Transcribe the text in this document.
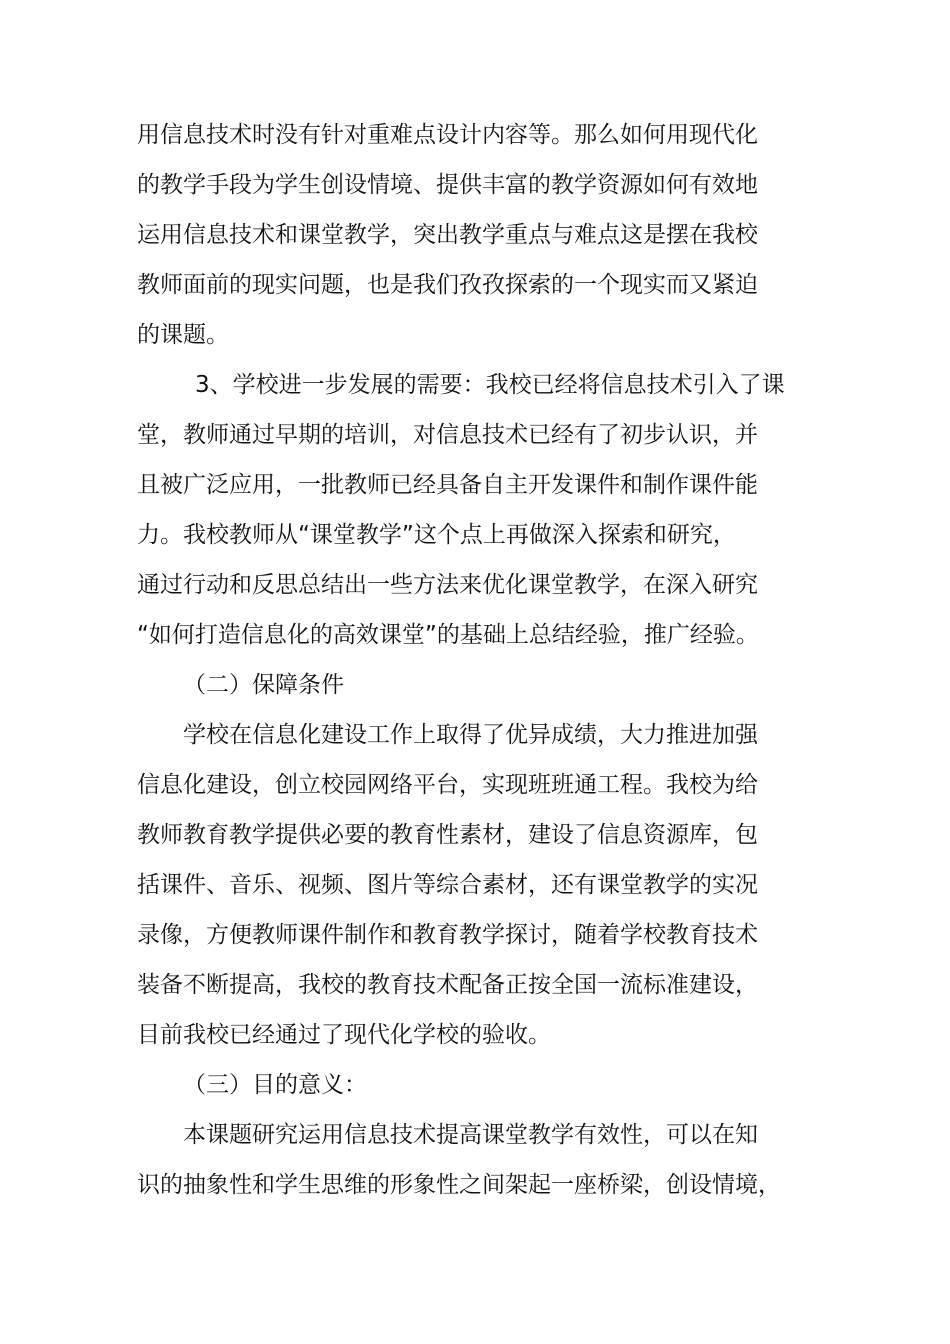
用信息技术时没有针对重难点设计内容等。那么如何用现代化
的教学手段为学生创设情境、提供丰富的教学资源如何有效地
运用信息技术和课堂教学，突出教学重点与难点这是摆在我校
教师面前的现实问题，也是我们孜孜探索的一个现实而又紧迫
的课题。
3、学校进一步发展的需要：我校已经将信息技术引入了课
堂，教师通过早期的培训，对信息技术已经有了初步认识，并
且被广泛应用，一批教师已经具备自主开发课件和制作课件能
力。我校教师从“课堂教学”这个点上再做深入探索和研究，
通过行动和反思总结出一些方法来优化课堂教学，在深入研究
“如何打造信息化的高效课堂”的基础上总结经验，推广经验。
（二）保障条件
学校在信息化建设工作上取得了优异成绩，大力推进加强
信息化建设，创立校园网络平台，实现班班通工程。我校为给
教师教育教学提供必要的教育性素材，建设了信息资源库，包
括课件、音乐、视频、图片等综合素材，还有课堂教学的实况
录像，方便教师课件制作和教育教学探讨，随着学校教育技术
装备不断提高，我校的教育技术配备正按全国一流标准建设，
目前我校已经通过了现代化学校的验收。
（三）目的意义：
本课题研究运用信息技术提高课堂教学有效性，可以在知
识的抽象性和学生思维的形象性之间架起一座桥梁，创设情境，
